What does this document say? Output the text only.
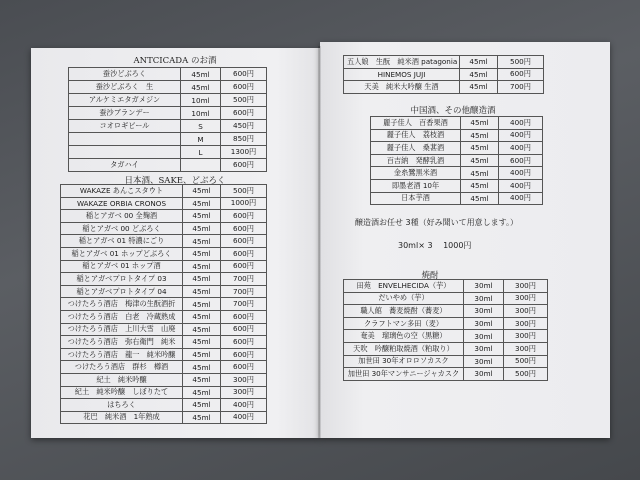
ANTCICADA のお酒
蚕沙どぶろく	45ml	600円
蚕沙どぶろく　生	45ml	600円
アルケミエタガメジン	10ml	500円
蚕沙ブランデー	10ml	600円
コオロギビール	S	450円
	M	850円
	L	1300円
タガハイ		600円
日本酒、SAKE、どぶろく
WAKAZE あんこスタウト	45ml	500円
WAKAZE ORBIA CRONOS	45ml	1000円
稲とアガベ 00 全麹酒	45ml	600円
稲とアガベ 00 どぶろく	45ml	600円
稲とアガベ 01 特濃にごり	45ml	600円
稲とアガベ 01 ホップどぶろく	45ml	600円
稲とアガベ 01 ホップ酒	45ml	600円
稲とアガベプロトタイプ 03	45ml	700円
稲とアガベプロトタイプ 04	45ml	700円
つけたろう酒店　梅津の生酛酒折	45ml	700円
つけたろう酒店　白老　冷蔵熟成	45ml	600円
つけたろう酒店　上川大雪　山廃	45ml	600円
つけたろう酒店　弥右衛門　純米	45ml	600円
つけたろう酒店　龍一　純米吟醸	45ml	600円
つけたろう酒店　群杉　樽酒	45ml	600円
紀土　純米吟醸	45ml	300円
紀土　純米吟醸　しぼりたて	45ml	300円
はちろく	45ml	400円
花巴　純米酒　1年熟成	45ml	400円
五人娘　生酛　純米酒 patagonia	45ml	500円
HINEMOS JUJI	45ml	600円
天美　純米大吟醸 生酒	45ml	700円
中国酒、その他醸造酒
麗子佳人　百香果酒	45ml	400円
麗子佳人　荔枝酒	45ml	400円
麗子佳人　桑葚酒	45ml	400円
百吉納　発酵乳酒	45ml	600円
金糸鷺黒米酒	45ml	400円
即墨老酒 10年	45ml	400円
日本芋酒	45ml	400円
醸造酒お任せ 3種（好み聞いて用意します。）
30ml× 3　 1000円
焼酎
田苑　ENVELHECIDA（芋）	30ml	300円
だいやめ（芋）	30ml	300円
職人館　蕎麦焼酎（蕎麦）	30ml	300円
クラフトマン多田（麦）	30ml	300円
奄美　瑠璃色の空（黒糖）	30ml	300円
天吹　吟醸粕取焼酒（粕取り）	30ml	300円
加世田 30年オロロソカスク	30ml	500円
加世田 30年マンサニージャカスク	30ml	500円
